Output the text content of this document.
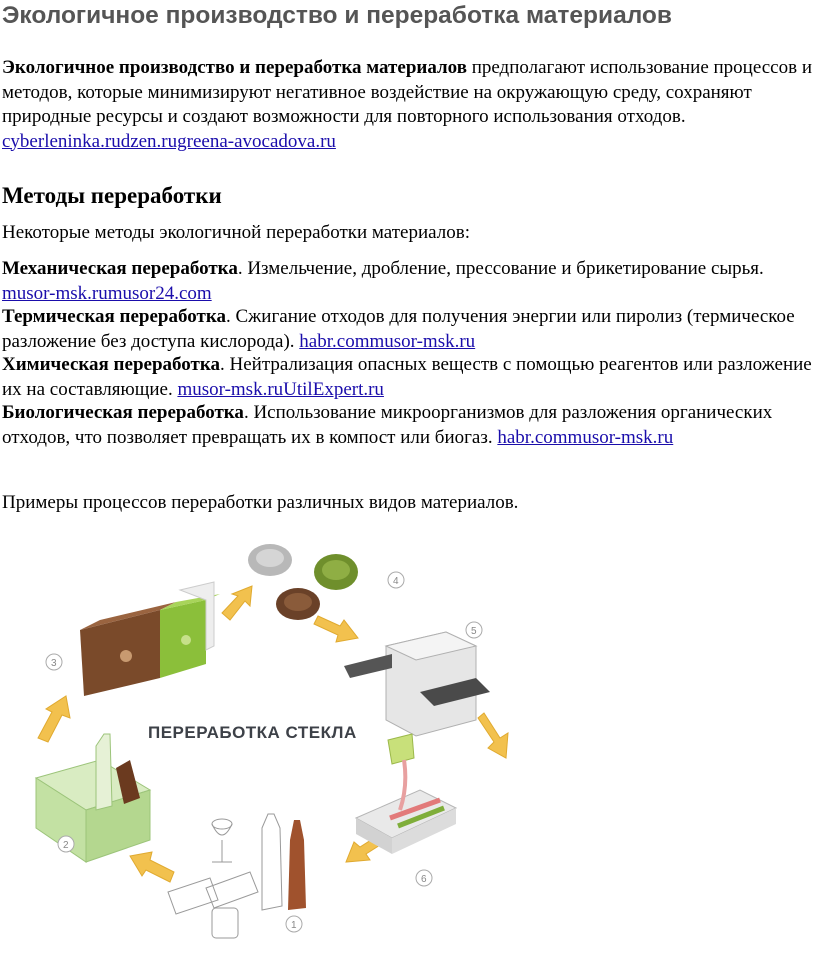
Экологичное производство и переработка материалов

Экологичное производство и переработка материалов предполагают использование процессов и методов, которые минимизируют негативное воздействие на окружающую среду, сохраняют природные ресурсы и создают возможности для повторного использования отходов. cyberleninka.rudzen.rugreena-avocadova.ru

Методы переработки

Некоторые методы экологичной переработки материалов:

Механическая переработка. Измельчение, дробление, прессование и брикетирование сырья. musor-msk.rumusor24.com

Термическая переработка. Сжигание отходов для получения энергии или пиролиз (термическое разложение без доступа кислорода). habr.commusor-msk.ru

Химическая переработка. Нейтрализация опасных веществ с помощью реагентов или разложение их на составляющие. musor-msk.ruUtilExpert.ru

Биологическая переработка. Использование микроорганизмов для разложения органических отходов, что позволяет превращать их в компост или биогаз. habr.commusor-msk.ru

Примеры процессов переработки различных видов материалов.

ПЕРЕРАБОТКА СТЕКЛА
1
2
3
4
5
6
